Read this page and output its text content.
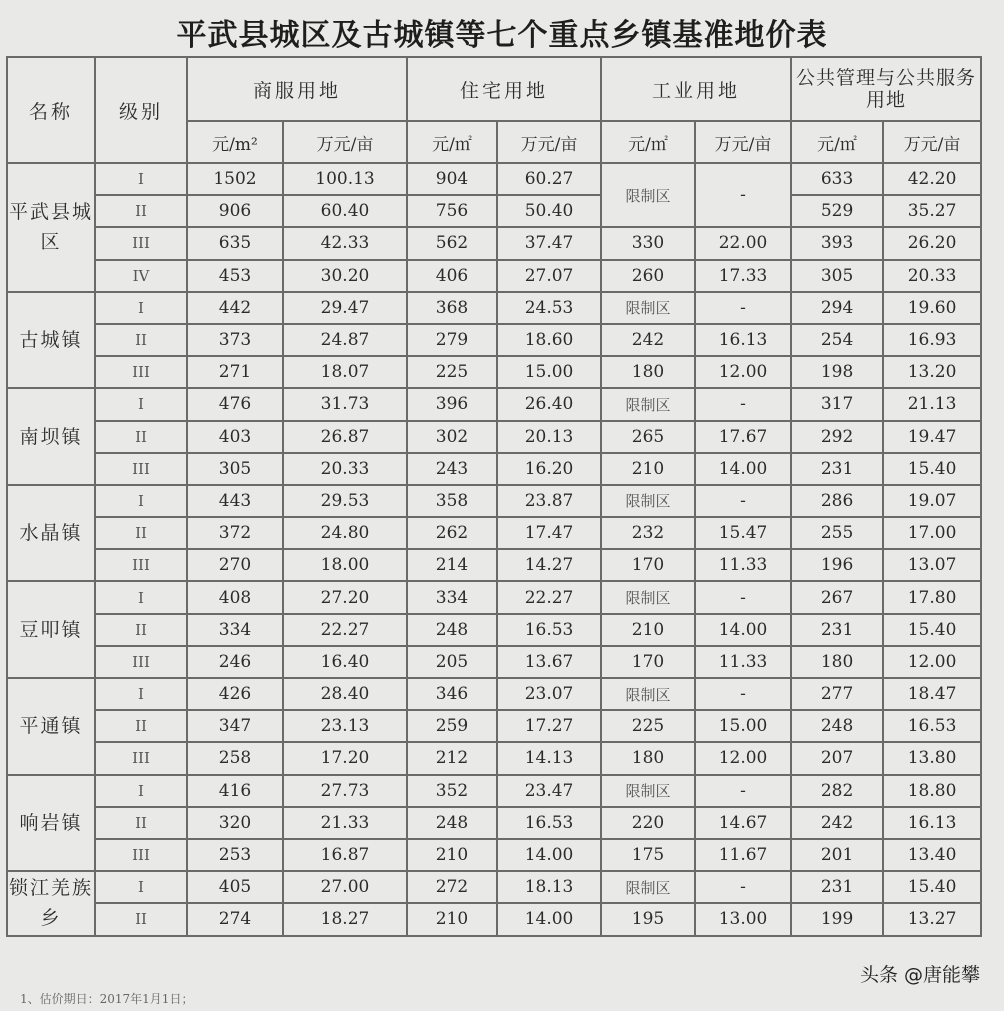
平武县城区及古城镇等七个重点乡镇基准地价表
名称	级别	商服用地		住宅用地		工业用地		公共管理与公共服务用地	
		元/m²	万元/亩	元/㎡	万元/亩	元/㎡	万元/亩	元/㎡	万元/亩
平武县城区	I	1502	100.13	904	60.27	限制区	-	633	42.20
	II	906	60.40	756	50.40			529	35.27
	III	635	42.33	562	37.47	330	22.00	393	26.20
	IV	453	30.20	406	27.07	260	17.33	305	20.33
古城镇	I	442	29.47	368	24.53	限制区	-	294	19.60
	II	373	24.87	279	18.60	242	16.13	254	16.93
	III	271	18.07	225	15.00	180	12.00	198	13.20
南坝镇	I	476	31.73	396	26.40	限制区	-	317	21.13
	II	403	26.87	302	20.13	265	17.67	292	19.47
	III	305	20.33	243	16.20	210	14.00	231	15.40
水晶镇	I	443	29.53	358	23.87	限制区	-	286	19.07
	II	372	24.80	262	17.47	232	15.47	255	17.00
	III	270	18.00	214	14.27	170	11.33	196	13.07
豆叩镇	I	408	27.20	334	22.27	限制区	-	267	17.80
	II	334	22.27	248	16.53	210	14.00	231	15.40
	III	246	16.40	205	13.67	170	11.33	180	12.00
平通镇	I	426	28.40	346	23.07	限制区	-	277	18.47
	II	347	23.13	259	17.27	225	15.00	248	16.53
	III	258	17.20	212	14.13	180	12.00	207	13.80
响岩镇	I	416	27.73	352	23.47	限制区	-	282	18.80
	II	320	21.33	248	16.53	220	14.67	242	16.13
	III	253	16.87	210	14.00	175	11.67	201	13.40
锁江羌族乡	I	405	27.00	272	18.13	限制区	-	231	15.40
	II	274	18.27	210	14.00	195	13.00	199	13.27
头条 @唐能攀
1、估价期日：2017年1月1日；
